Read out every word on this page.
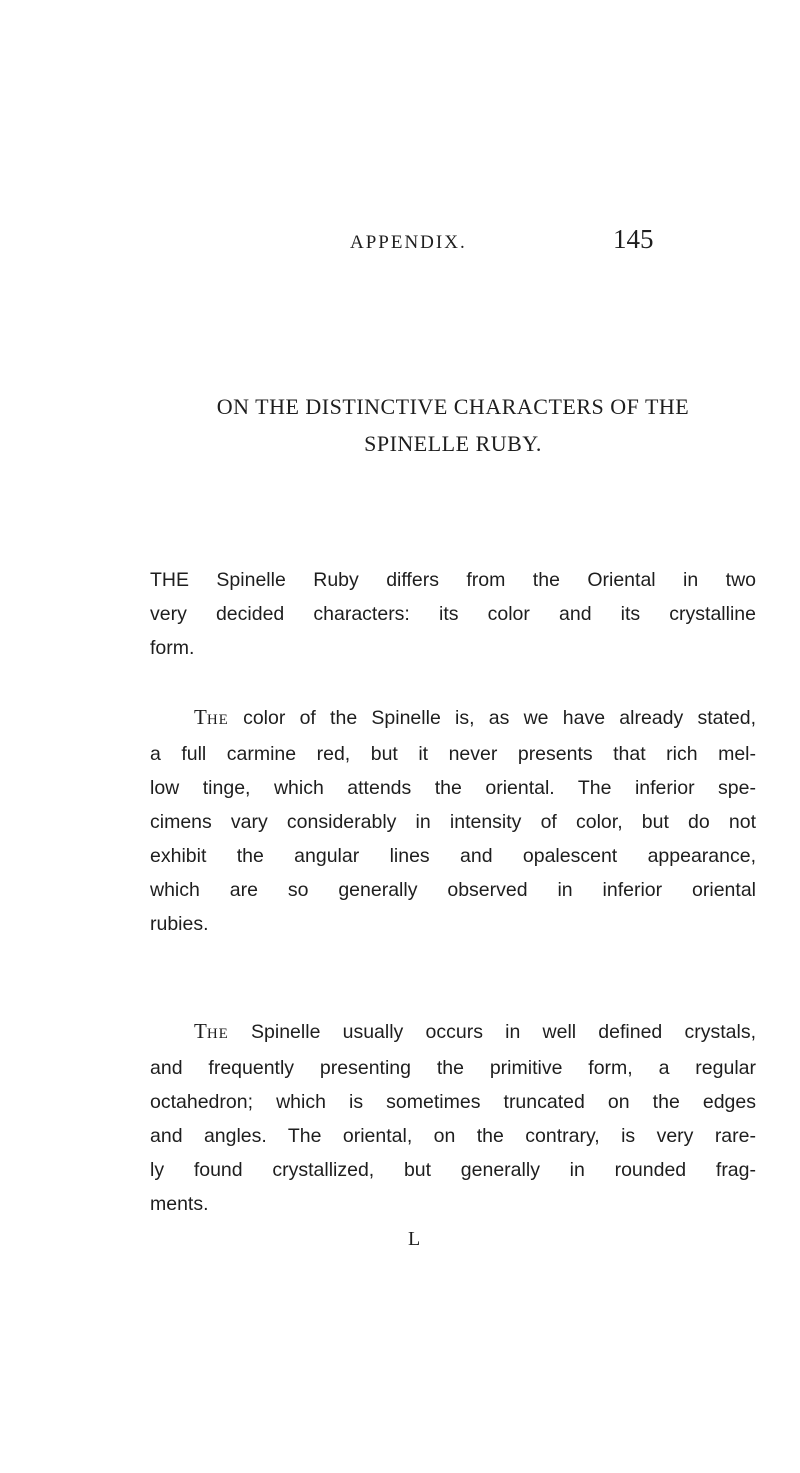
APPENDIX.	145
ON THE DISTINCTIVE CHARACTERS OF THE
SPINELLE RUBY.
THE Spinelle Ruby differs from the Oriental in two
very decided characters: its color and its crystalline
form.
THE color of the Spinelle is, as we have already stated,
a full carmine red, but it never presents that rich mel-
low tinge, which attends the oriental. The inferior spe-
cimens vary considerably in intensity of color, but do not
exhibit the angular lines and opalescent appearance,
which are so generally observed in inferior oriental
rubies.
THE Spinelle usually occurs in well defined crystals,
and frequently presenting the primitive form, a regular
octahedron; which is sometimes truncated on the edges
and angles. The oriental, on the contrary, is very rare-
ly found crystallized, but generally in rounded frag-
ments.
L
